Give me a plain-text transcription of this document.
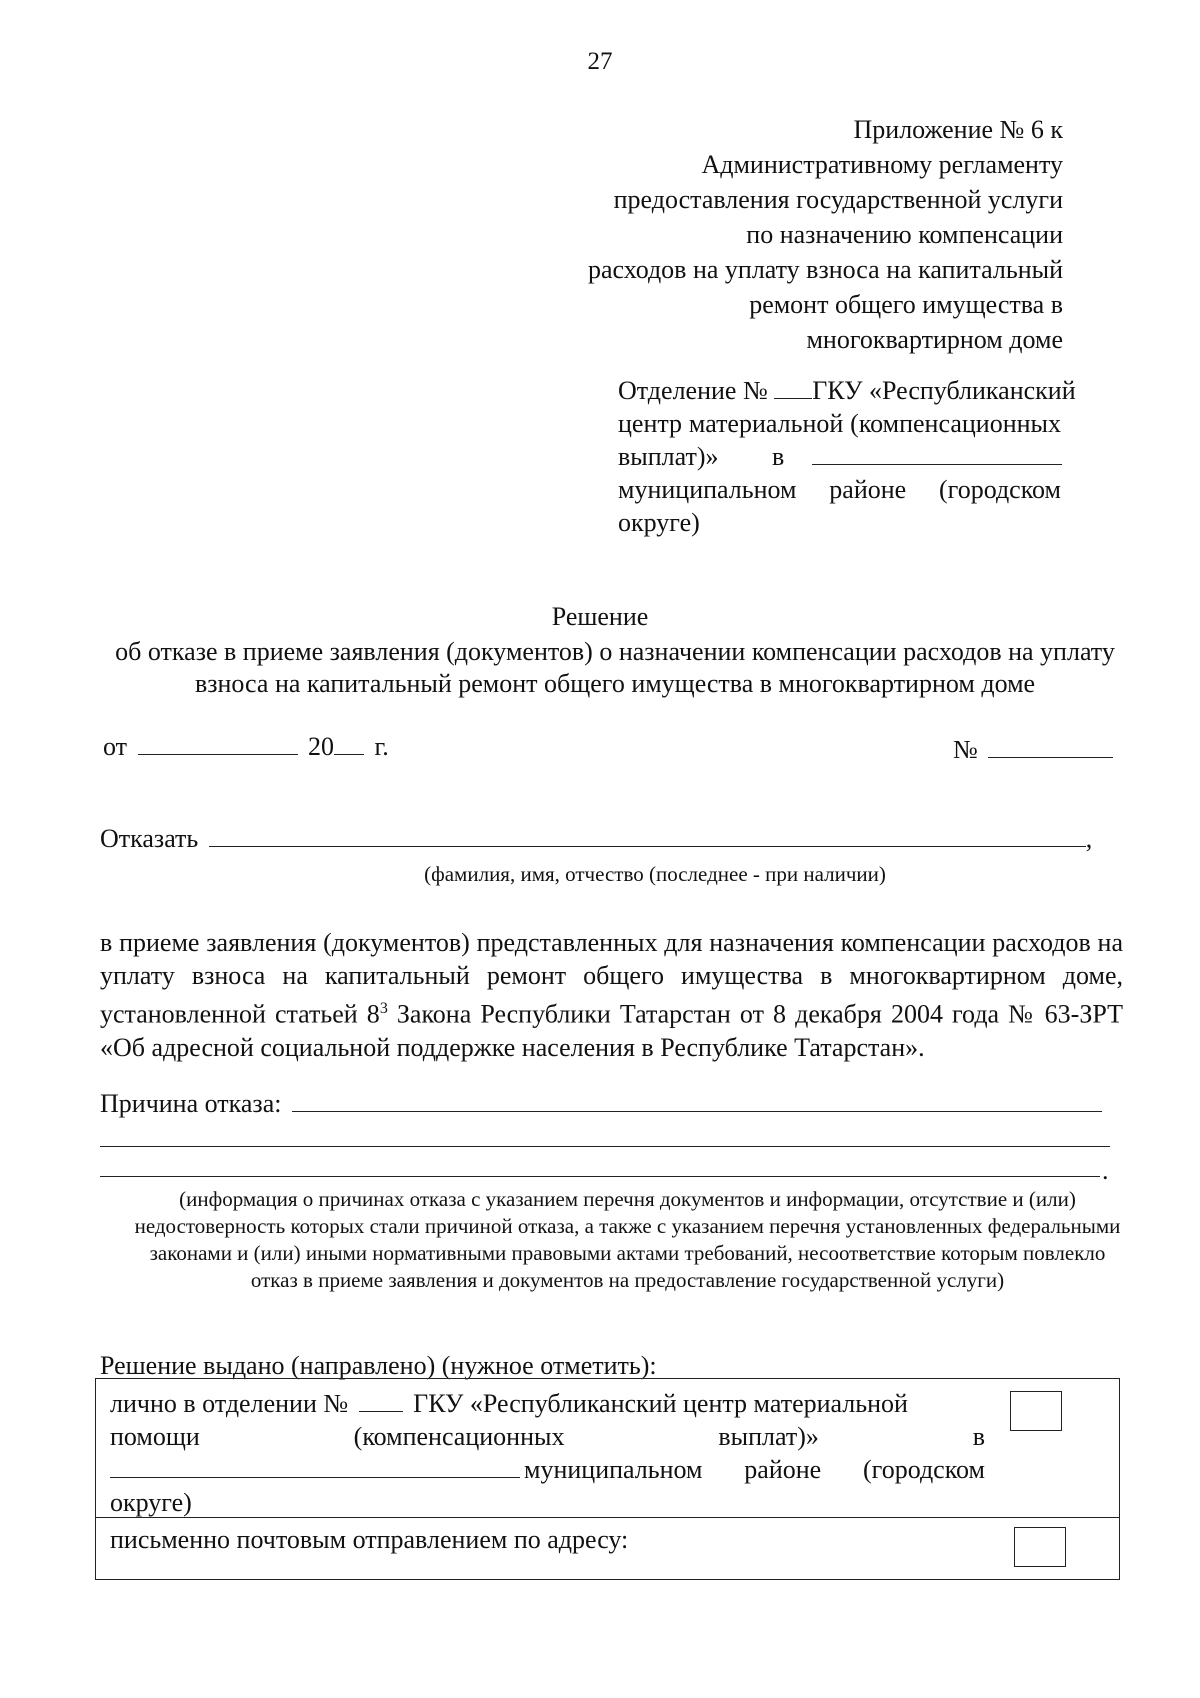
27
Приложение № 6 к
Административному регламенту
предоставления государственной услуги
по назначению компенсации
расходов на уплату взноса на капитальный
ремонт общего имущества в
многоквартирном доме
Отделение № ГКУ «Республиканский
центр материальной (компенсационных
выплат)» в
муниципальном районе (городском
округе)
Решение
об отказе в приеме заявления (документов) о назначении компенсации расходов на уплату взноса на капитальный ремонт общего имущества в многоквартирном доме
от	20 г.	№
Отказать	,
(фамилия, имя, отчество (последнее - при наличии)
в приеме заявления (документов) представленных для назначения компенсации расходов на уплату взноса на капитальный ремонт общего имущества в многоквартирном доме, установленной статьей $8^3$ Закона Республики Татарстан от 8 декабря 2004 года № 63-ЗРТ «Об адресной социальной поддержке населения в Республике Татарстан».
Причина отказа:
.
(информация о причинах отказа с указанием перечня документов и информации, отсутствие и (или) недостоверность которых стали причиной отказа, а также с указанием перечня установленных федеральными законами и (или) иными нормативными правовыми актами требований, несоответствие которым повлекло отказ в приеме заявления и документов на предоставление государственной услуги)
Решение выдано (направлено) (нужное отметить):
лично в отделении №	ГКУ «Республиканский центр материальной
помощи	(компенсационных	выплат)»	в
муниципальном районе (городском
округе)
письменно почтовым отправлением по адресу:
